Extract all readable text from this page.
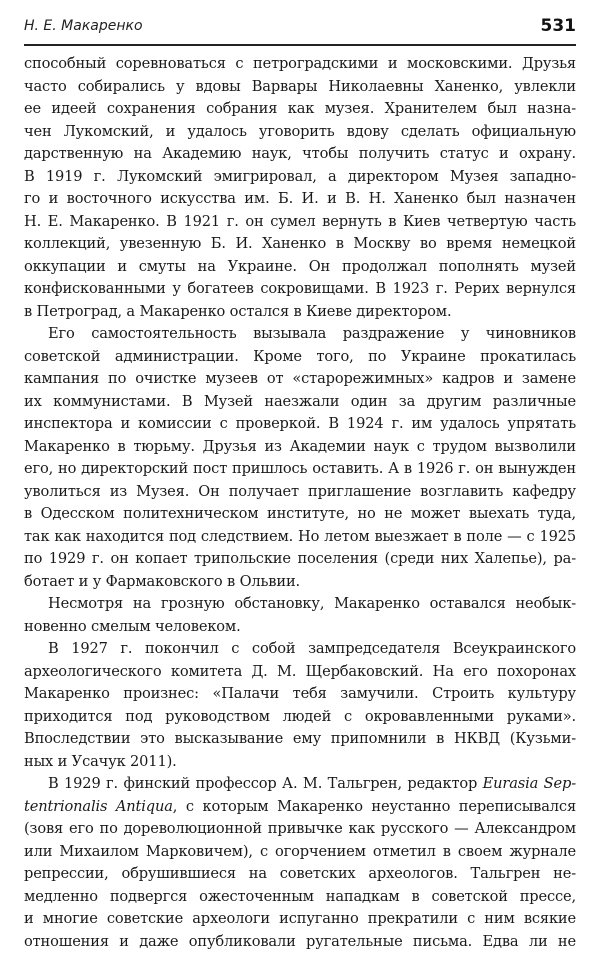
Н. Е. Макаренко	531
способный соревноваться с петроградскими и московскими. Друзья
часто собирались у вдовы Варвары Николаевны Ханенко, увлекли
ее идеей сохранения собрания как музея. Хранителем был назна-
чен Лукомский, и удалось уговорить вдову сделать официальную
дарственную на Академию наук, чтобы получить статус и охрану.
В 1919 г. Лукомский эмигрировал, а директором Музея западно-
го и восточного искусства им. Б. И. и В. Н. Ханенко был назначен
Н. Е. Макаренко. В 1921 г. он сумел вернуть в Киев четвертую часть
коллекций, увезенную Б. И. Ханенко в Москву во время немецкой
оккупации и смуты на Украине. Он продолжал пополнять музей
конфискованными у богатеев сокровищами. В 1923 г. Рерих вернулся
в Петроград, а Макаренко остался в Киеве директором.
Его самостоятельность вызывала раздражение у чиновников
советской администрации. Кроме того, по Украине прокатилась
кампания по очистке музеев от «старорежимных» кадров и замене
их коммунистами. В Музей наезжали один за другим различные
инспектора и комиссии с проверкой. В 1924 г. им удалось упрятать
Макаренко в тюрьму. Друзья из Академии наук с трудом вызволили
его, но директорский пост пришлось оставить. А в 1926 г. он вынужден
уволиться из Музея. Он получает приглашение возглавить кафедру
в Одесском политехническом институте, но не может выехать туда,
так как находится под следствием. Но летом выезжает в поле — с 1925
по 1929 г. он копает трипольские поселения (среди них Халепье), ра-
ботает и у Фармаковского в Ольвии.
Несмотря на грозную обстановку, Макаренко оставался необык-
новенно смелым человеком.
В 1927 г. покончил с собой зампредседателя Всеукраинского
археологического комитета Д. М. Щербаковский. На его похоронах
Макаренко произнес: «Палачи тебя замучили. Строить культуру
приходится под руководством людей с окровавленными руками».
Впоследствии это высказывание ему припомнили в НКВД (Кузьми-
ных и Усачук 2011).
В 1929 г. финский профессор А. М. Тальгрен, редактор Eurasia Sep-
tentrionalis Antiqua, с которым Макаренко неустанно переписывался
(зовя его по дореволюционной привычке как русского — Александром
или Михаилом Марковичем), с огорчением отметил в своем журнале
репрессии, обрушившиеся на советских археологов. Тальгрен не-
медленно подвергся ожесточенным нападкам в советской прессе,
и многие советские археологи испуганно прекратили с ним всякие
отношения и даже опубликовали ругательные письма. Едва ли не
